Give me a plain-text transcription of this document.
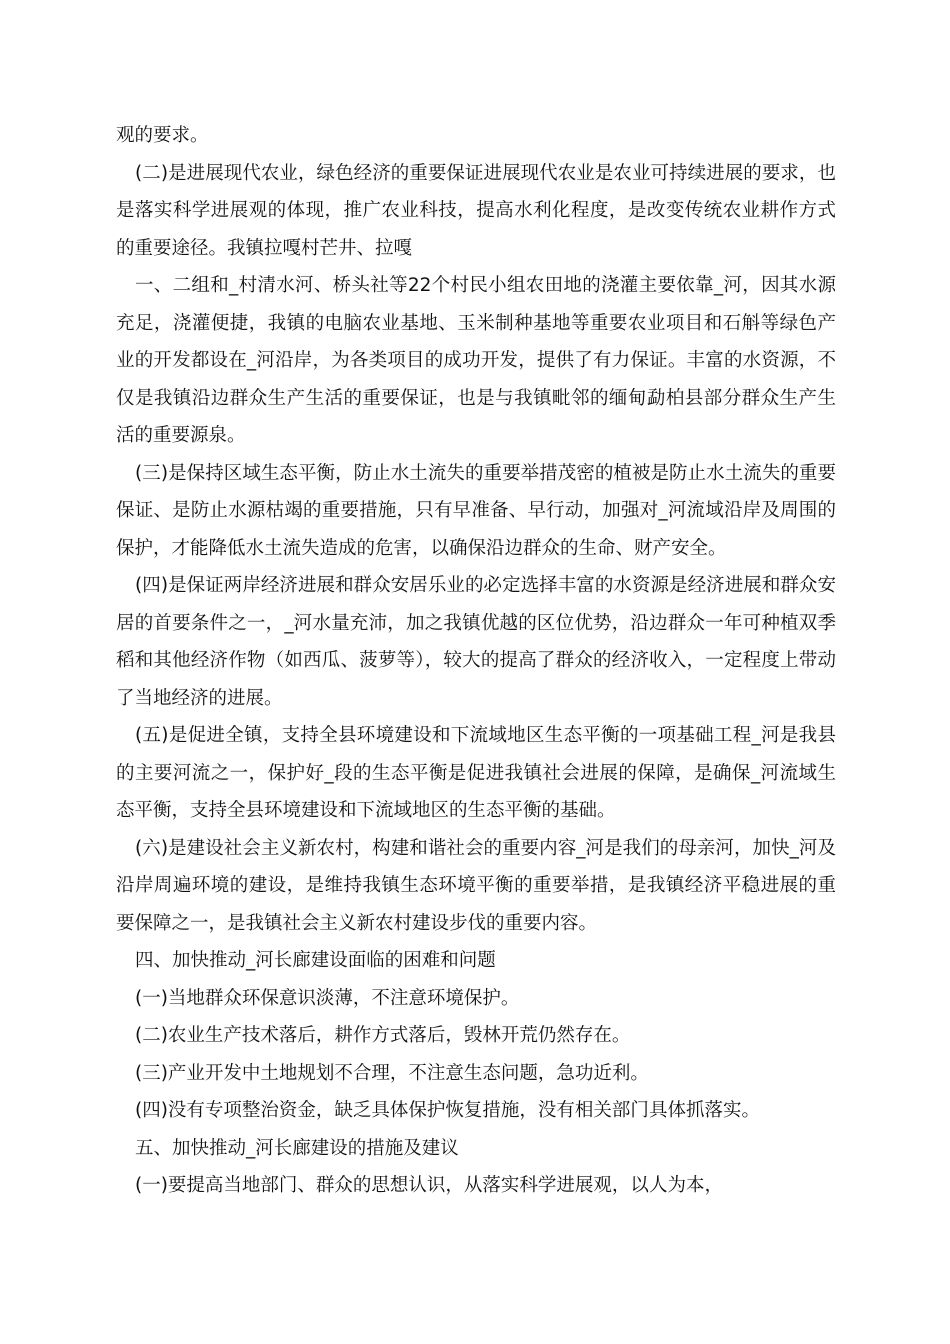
观的要求。

(二)是进展现代农业，绿色经济的重要保证进展现代农业是农业可持续进展的要求，也是落实科学进展观的体现，推广农业科技，提高水利化程度，是改变传统农业耕作方式的重要途径。我镇拉嘎村芒井、拉嘎

一、二组和_村清水河、桥头社等22个村民小组农田地的浇灌主要依靠_河，因其水源充足，浇灌便捷，我镇的电脑农业基地、玉米制种基地等重要农业项目和石斛等绿色产业的开发都设在_河沿岸，为各类项目的成功开发，提供了有力保证。丰富的水资源，不仅是我镇沿边群众生产生活的重要保证，也是与我镇毗邻的缅甸勐柏县部分群众生产生活的重要源泉。

(三)是保持区域生态平衡，防止水土流失的重要举措茂密的植被是防止水土流失的重要保证、是防止水源枯竭的重要措施，只有早准备、早行动，加强对_河流域沿岸及周围的保护，才能降低水土流失造成的危害，以确保沿边群众的生命、财产安全。

(四)是保证两岸经济进展和群众安居乐业的必定选择丰富的水资源是经济进展和群众安居的首要条件之一，_河水量充沛，加之我镇优越的区位优势，沿边群众一年可种植双季稻和其他经济作物（如西瓜、菠萝等），较大的提高了群众的经济收入，一定程度上带动了当地经济的进展。

(五)是促进全镇，支持全县环境建设和下流域地区生态平衡的一项基础工程_河是我县的主要河流之一，保护好_段的生态平衡是促进我镇社会进展的保障，是确保_河流域生态平衡，支持全县环境建设和下流域地区的生态平衡的基础。

(六)是建设社会主义新农村，构建和谐社会的重要内容_河是我们的母亲河，加快_河及沿岸周遍环境的建设，是维持我镇生态环境平衡的重要举措，是我镇经济平稳进展的重要保障之一，是我镇社会主义新农村建设步伐的重要内容。

四、加快推动_河长廊建设面临的困难和问题

(一)当地群众环保意识淡薄，不注意环境保护。

(二)农业生产技术落后，耕作方式落后，毁林开荒仍然存在。

(三)产业开发中土地规划不合理，不注意生态问题，急功近利。

(四)没有专项整治资金，缺乏具体保护恢复措施，没有相关部门具体抓落实。

五、加快推动_河长廊建设的措施及建议

(一)要提高当地部门、群众的思想认识，从落实科学进展观，以人为本，
